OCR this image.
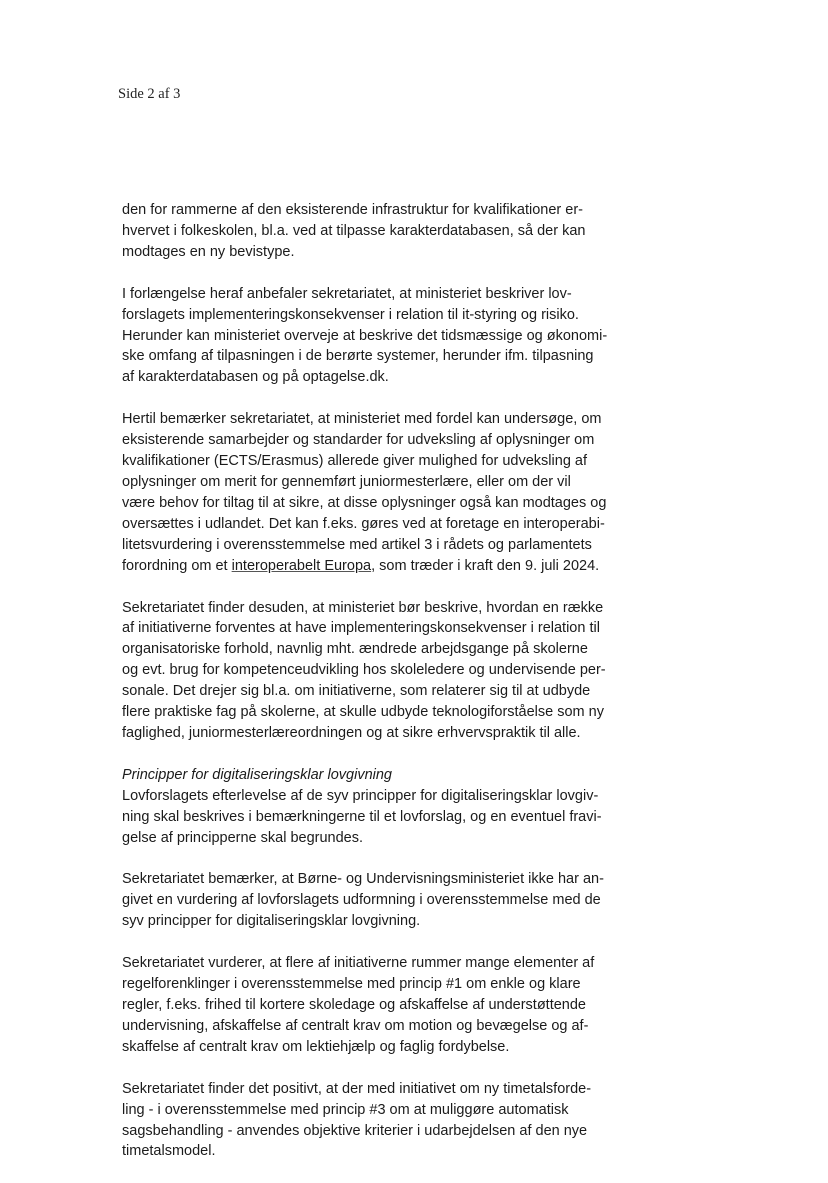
Side 2 af 3

den for rammerne af den eksisterende infrastruktur for kvalifikationer er-
hvervet i folkeskolen, bl.a. ved at tilpasse karakterdatabasen, så der kan
modtages en ny bevistype.

I forlængelse heraf anbefaler sekretariatet, at ministeriet beskriver lov-
forslagets implementeringskonsekvenser i relation til it-styring og risiko.
Herunder kan ministeriet overveje at beskrive det tidsmæssige og økonomi-
ske omfang af tilpasningen i de berørte systemer, herunder ifm. tilpasning
af karakterdatabasen og på optagelse.dk.

Hertil bemærker sekretariatet, at ministeriet med fordel kan undersøge, om
eksisterende samarbejder og standarder for udveksling af oplysninger om
kvalifikationer (ECTS/Erasmus) allerede giver mulighed for udveksling af
oplysninger om merit for gennemført juniormesterlære, eller om der vil
være behov for tiltag til at sikre, at disse oplysninger også kan modtages og
oversættes i udlandet. Det kan f.eks. gøres ved at foretage en interoperabi-
litetsvurdering i overensstemmelse med artikel 3 i rådets og parlamentets
forordning om et interoperabelt Europa, som træder i kraft den 9. juli 2024.

Sekretariatet finder desuden, at ministeriet bør beskrive, hvordan en række
af initiativerne forventes at have implementeringskonsekvenser i relation til
organisatoriske forhold, navnlig mht. ændrede arbejdsgange på skolerne
og evt. brug for kompetenceudvikling hos skoleledere og undervisende per-
sonale. Det drejer sig bl.a. om initiativerne, som relaterer sig til at udbyde
flere praktiske fag på skolerne, at skulle udbyde teknologiforståelse som ny
faglighed, juniormesterlæreordningen og at sikre erhvervspraktik til alle.

Principper for digitaliseringsklar lovgivning
Lovforslagets efterlevelse af de syv principper for digitaliseringsklar lovgiv-
ning skal beskrives i bemærkningerne til et lovforslag, og en eventuel fravi-
gelse af principperne skal begrundes.

Sekretariatet bemærker, at Børne- og Undervisningsministeriet ikke har an-
givet en vurdering af lovforslagets udformning i overensstemmelse med de
syv principper for digitaliseringsklar lovgivning.

Sekretariatet vurderer, at flere af initiativerne rummer mange elementer af
regelforenklinger i overensstemmelse med princip #1 om enkle og klare
regler, f.eks. frihed til kortere skoledage og afskaffelse af understøttende
undervisning, afskaffelse af centralt krav om motion og bevægelse og af-
skaffelse af centralt krav om lektiehjælp og faglig fordybelse.

Sekretariatet finder det positivt, at der med initiativet om ny timetalsforde-
ling - i overensstemmelse med princip #3 om at muliggøre automatisk
sagsbehandling - anvendes objektive kriterier i udarbejdelsen af den nye
timetalsmodel.
